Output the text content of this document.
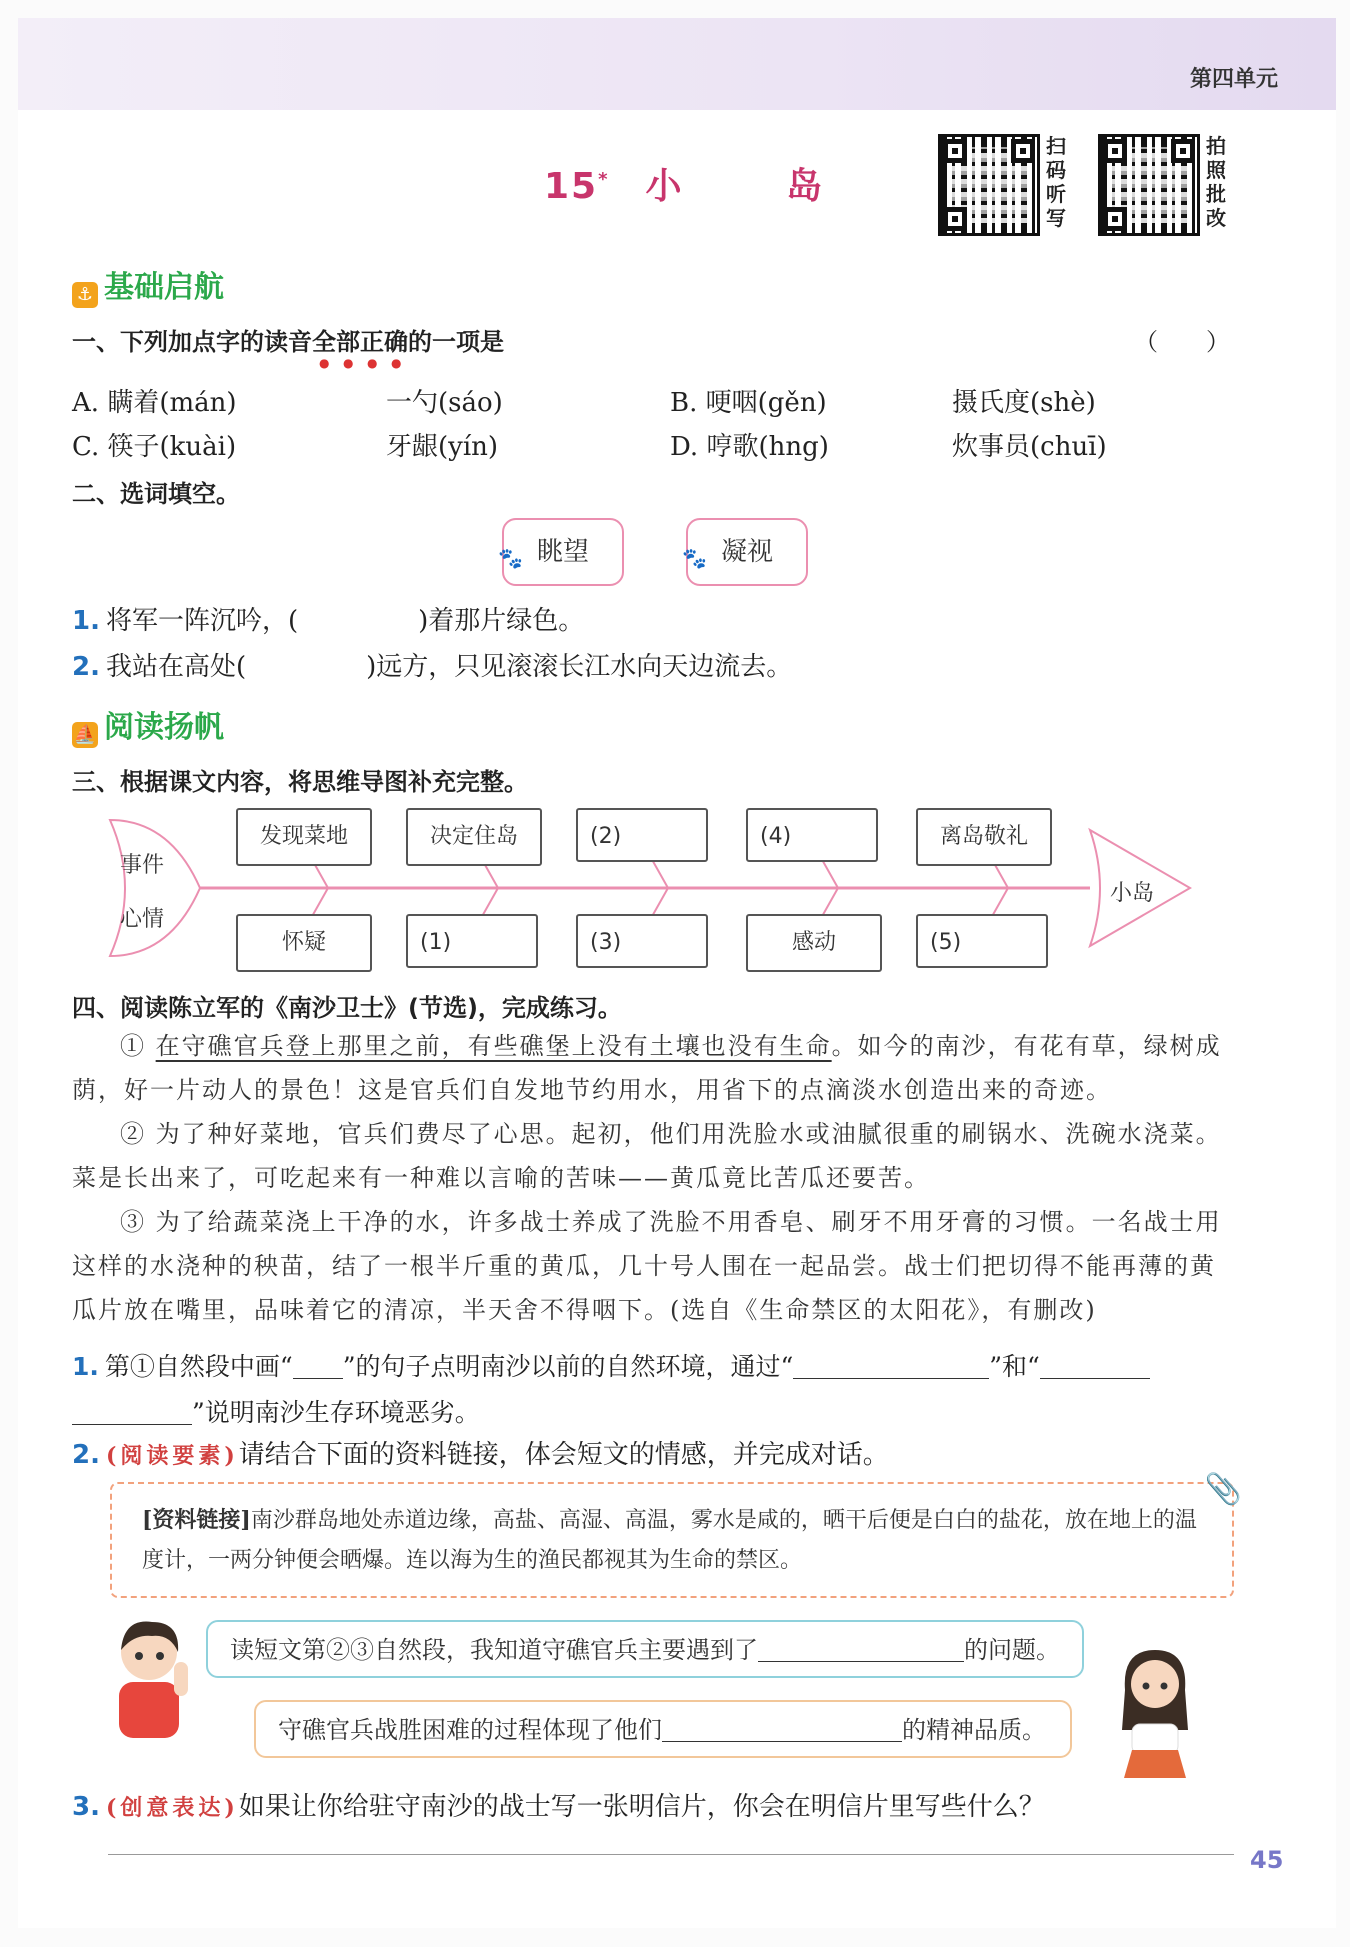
第四单元
15* 小 岛
扫码听写
拍照批改
⚓ 基础启航
一、下列加点字的读音全部正确的一项是	（　　）
A. 瞒着(mán)	一勺(sáo)	B. 哽咽(gěn)	摄氏度(shè)
C. 筷子(kuài)	牙龈(yín)	D. 哼歌(hng)	炊事员(chuī)
二、选词填空。
眺望
🐾	凝视
🐾
1. 将军一阵沉吟，(	)着那片绿色。
2. 我站在高处(	)远方，只见滚滚长江水向天边流去。
⛵ 阅读扬帆
三、根据课文内容，将思维导图补充完整。
事件
心情
小岛
发现菜地	决定住岛	(2)	(4)	离岛敬礼
怀疑	(1)	(3)	感动	(5)
四、阅读陈立军的《南沙卫士》(节选)，完成练习。
① 在守礁官兵登上那里之前，有些礁堡上没有土壤也没有生命。如今的南沙，有花有草，绿树成荫，好一片动人的景色！这是官兵们自发地节约用水，用省下的点滴淡水创造出来的奇迹。
② 为了种好菜地，官兵们费尽了心思。起初，他们用洗脸水或油腻很重的刷锅水、洗碗水浇菜。菜是长出来了，可吃起来有一种难以言喻的苦味——黄瓜竟比苦瓜还要苦。
③ 为了给蔬菜浇上干净的水，许多战士养成了洗脸不用香皂、刷牙不用牙膏的习惯。一名战士用这样的水浇种的秧苗，结了一根半斤重的黄瓜，几十号人围在一起品尝。战士们把切得不能再薄的黄瓜片放在嘴里，品味着它的清凉，半天舍不得咽下。(选自《生命禁区的太阳花》，有删改)
1. 第①自然段中画“ ”的句子点明南沙以前的自然环境，通过“	”和“
”说明南沙生存环境恶劣。
2. (阅读要素)请结合下面的资料链接，体会短文的情感，并完成对话。
[资料链接]南沙群岛地处赤道边缘，高盐、高湿、高温，雾水是咸的，晒干后便是白白的盐花，放在地上的温度计，一两分钟便会晒爆。连以海为生的渔民都视其为生命的禁区。
📎
读短文第②③自然段，我知道守礁官兵主要遇到了	的问题。
守礁官兵战胜困难的过程体现了他们	的精神品质。
3. (创意表达)如果让你给驻守南沙的战士写一张明信片，你会在明信片里写些什么？
45
